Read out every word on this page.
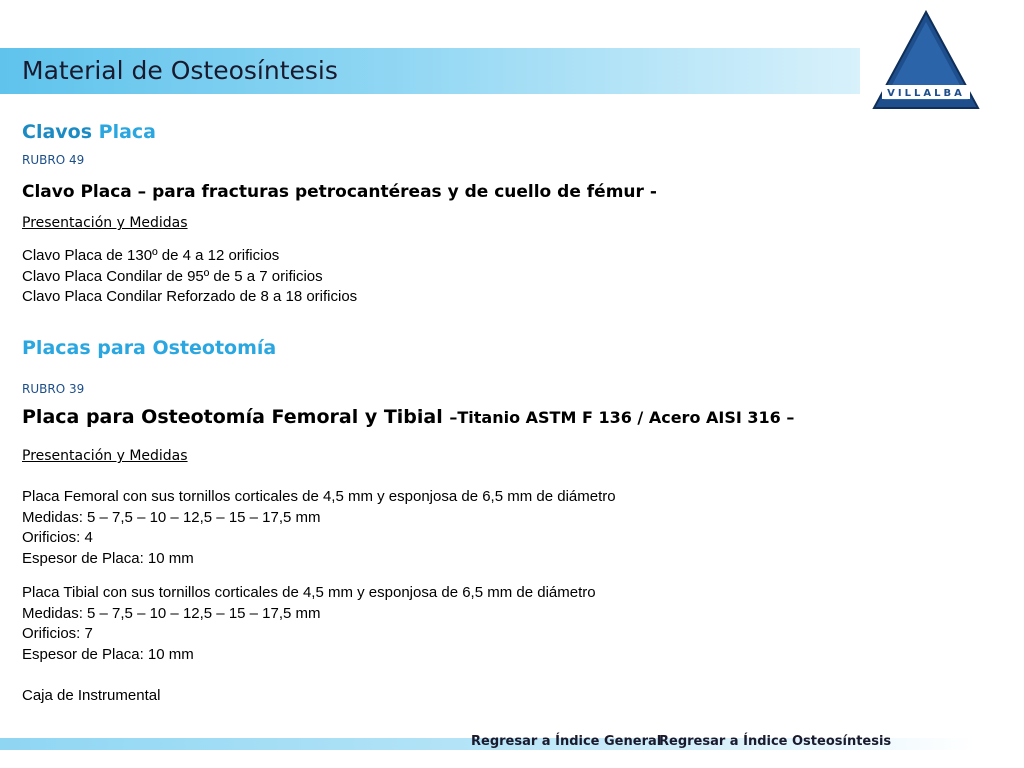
Material de Osteosíntesis
VILLALBA
Clavos Placa
RUBRO 49
Clavo Placa – para fracturas petrocantéreas y de cuello de fémur -
Presentación y Medidas
Clavo Placa de 130º de 4 a 12 orificios
Clavo Placa Condilar de 95º de 5 a 7 orificios
Clavo Placa Condilar Reforzado de 8 a 18 orificios
Placas para Osteotomía
RUBRO 39
Placa para Osteotomía Femoral y Tibial –Titanio ASTM F 136 / Acero AISI 316 –
Presentación y Medidas
Placa Femoral con sus tornillos corticales de 4,5 mm y esponjosa de 6,5 mm de diámetro
Medidas: 5 – 7,5 – 10 – 12,5 – 15 – 17,5 mm
Orificios: 4
Espesor de Placa: 10 mm
Placa Tibial con sus tornillos corticales de 4,5 mm y esponjosa de 6,5 mm de diámetro
Medidas: 5 – 7,5 – 10 – 12,5 – 15 – 17,5 mm
Orificios: 7
Espesor de Placa: 10 mm
Caja de Instrumental
Regresar a Índice General
Regresar a Índice Osteosíntesis
